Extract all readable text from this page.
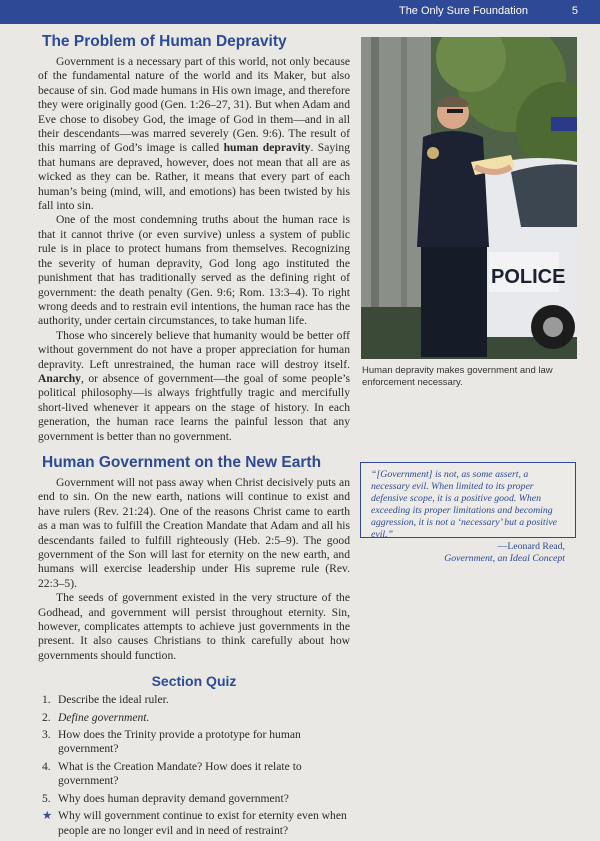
The Only Sure Foundation	5
The Problem of Human Depravity

Government is a necessary part of this world, not only because of the fundamental nature of the world and its Maker, but also because of sin. God made humans in His own image, and therefore they were originally good (Gen. 1:26–27, 31). But when Adam and Eve chose to disobey God, the image of God in them—and in all their descendants—was marred severely (Gen. 9:6). The result of this marring of God’s image is called human depravity. Saying that humans are depraved, however, does not mean that all are as wicked as they can be. Rather, it means that every part of each human’s being (mind, will, and emotions) has been twisted by his fall into sin.

One of the most condemning truths about the human race is that it cannot thrive (or even survive) unless a system of public rule is in place to protect humans from themselves. Recognizing the severity of human depravity, God long ago instituted the punishment that has traditionally served as the defining right of government: the death penalty (Gen. 9:6; Rom. 13:3–4). To right wrong deeds and to restrain evil intentions, the human race has the authority, under certain circumstances, to take human life.

Those who sincerely believe that humanity would be better off without government do not have a proper appreciation for human depravity. Left unrestrained, the human race will destroy itself. Anarchy, or absence of government—the goal of some people’s political philosophy—is always frightfully tragic and mercifully short-lived whenever it appears on the stage of history. In each generation, the human race learns the painful lesson that any government is better than no government.

Human Government on the New Earth

Government will not pass away when Christ decisively puts an end to sin. On the new earth, nations will continue to exist and have rulers (Rev. 21:24). One of the reasons Christ came to earth as a man was to fulfill the Creation Mandate that Adam and all his descendants failed to fulfill righteously (Heb. 2:5–9). The good government of the Son will last for eternity on the new earth, and humans will exercise leadership under His supreme rule (Rev. 22:3–5).

The seeds of government existed in the very structure of the Godhead, and government will persist throughout eternity. Sin, however, complicates attempts to achieve just governments in the present. It also causes Christians to think carefully about how governments should function.

Section Quiz
1. Describe the ideal ruler.
2. Define government.
3. How does the Trinity provide a prototype for human government?
4. What is the Creation Mandate? How does it relate to government?
5. Why does human depravity demand government?
★ Why will government continue to exist for eternity even when people are no longer evil and in need of restraint?
POLICE
Human depravity makes government and law enforcement necessary.
“[Government] is not, as some assert, a necessary evil. When limited to its proper defensive scope, it is a positive good. When exceeding its proper limitations and becoming aggression, it is not a ‘necessary’ but a positive evil.”
—Leonard Read,
Government, an Ideal Concept
